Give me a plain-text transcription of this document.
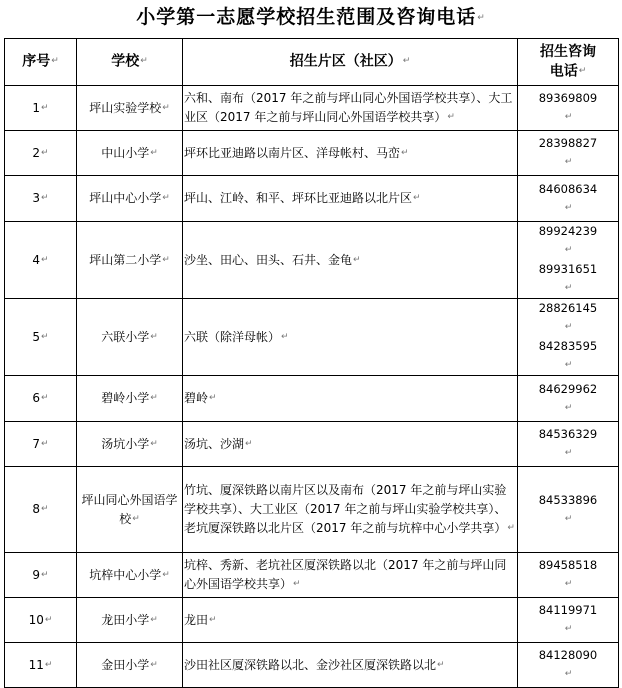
小学第一志愿学校招生范围及咨询电话↵
序号↵	学校↵	招生片区（社区）↵	招生咨询
电话↵
1↵	坪山实验学校↵	六和、南布（2017 年之前与坪山同心外国语学校共享）、大工业区（2017 年之前与坪山同心外国语学校共享）↵	89369809
↵

2↵	中山小学↵	坪环比亚迪路以南片区、洋母帐村、马峦↵	28398827
↵

3↵	坪山中心小学↵	坪山、江岭、和平、坪环比亚迪路以北片区↵	84608634
↵

4↵	坪山第二小学↵	沙坐、田心、田头、石井、金龟↵	89924239
↵
89931651
↵

5↵	六联小学↵	六联（除洋母帐）↵	28826145
↵
84283595
↵

6↵	碧岭小学↵	碧岭↵	84629962
↵

7↵	汤坑小学↵	汤坑、沙湖↵	84536329
↵

8↵	坪山同心外国语学校↵	竹坑、厦深铁路以南片区以及南布（2017 年之前与坪山实验学校共享）、大工业区（2017 年之前与坪山实验学校共享）、老坑厦深铁路以北片区（2017 年之前与坑梓中心小学共享）↵	84533896
↵

9↵	坑梓中心小学↵	坑梓、秀新、老坑社区厦深铁路以北（2017 年之前与坪山同心外国语学校共享）↵	89458518
↵

10↵	龙田小学↵	龙田↵	84119971
↵

11↵	金田小学↵	沙田社区厦深铁路以北、金沙社区厦深铁路以北↵	84128090
↵
